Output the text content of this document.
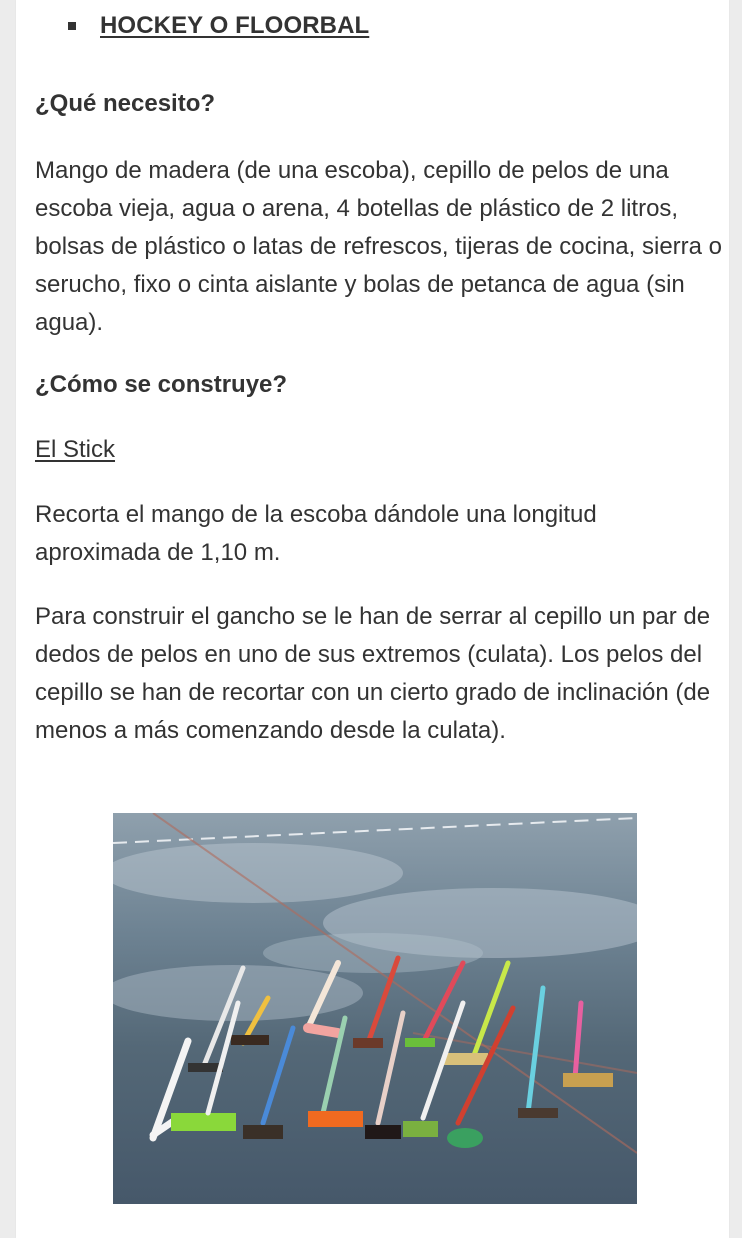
HOCKEY O FLOORBAL
¿Qué necesito?

Mango de madera (de una escoba), cepillo de pelos de una escoba vieja, agua o arena, 4 botellas de plástico de 2 litros, bolsas de plástico o latas de refrescos, tijeras de cocina, sierra o serucho, fixo o cinta aislante y bolas de petanca de agua (sin agua).

¿Cómo se construye?
El Stick

Recorta el mango de la escoba dándole una longitud aproximada de 1,10 m.

Para construir el gancho se le han de serrar al cepillo un par de dedos de pelos en uno de sus extremos (culata). Los pelos del cepillo se han de recortar con un cierto grado de inclinación (de menos a más comenzando desde la culata).
